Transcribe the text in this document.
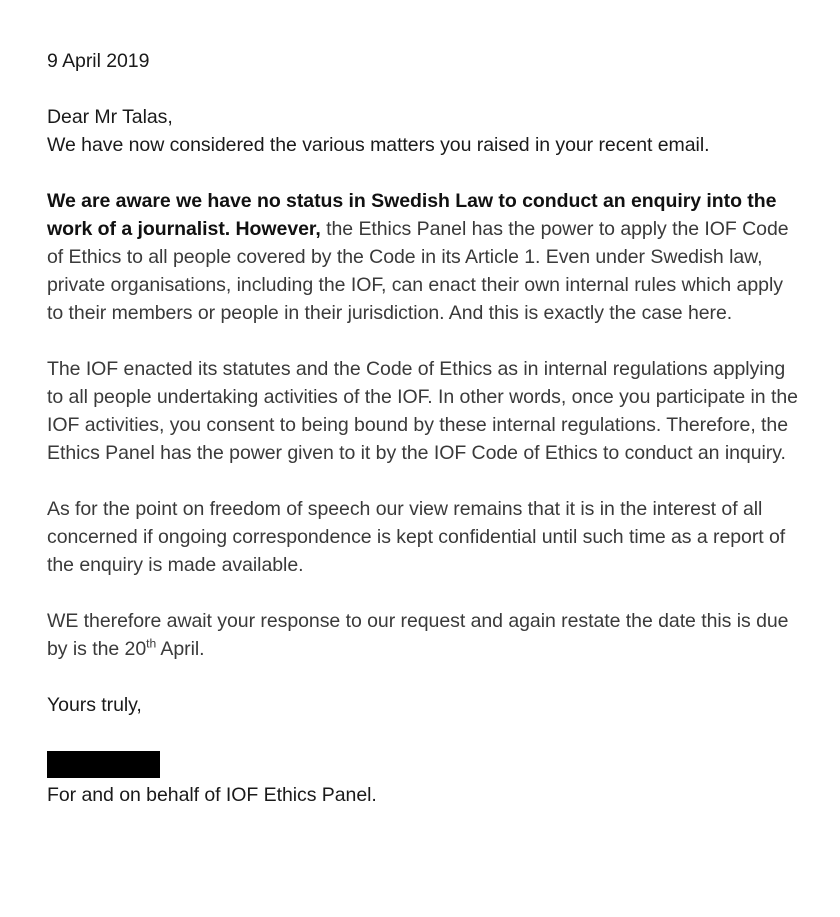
9 April 2019

Dear Mr Talas,

We have now considered the various matters you raised in your recent email.

We are aware we have no status in Swedish Law to conduct an enquiry into the work of a journalist. However, the Ethics Panel has the power to apply the IOF Code of Ethics to all people covered by the Code in its Article 1. Even under Swedish law, private organisations, including the IOF, can enact their own internal rules which apply to their members or people in their jurisdiction. And this is exactly the case here.

The IOF enacted its statutes and the Code of Ethics as in internal regulations applying to all people undertaking activities of the IOF. In other words, once you participate in the IOF activities, you consent to being bound by these internal regulations. Therefore, the Ethics Panel has the power given to it by the IOF Code of Ethics to conduct an inquiry.

As for the point on freedom of speech our view remains that it is in the interest of all concerned if ongoing correspondence is kept confidential until such time as a report of the enquiry is made available.

WE therefore await your response to our request and again restate the date this is due by is the 20th April.

Yours truly,

For and on behalf of IOF Ethics Panel.
